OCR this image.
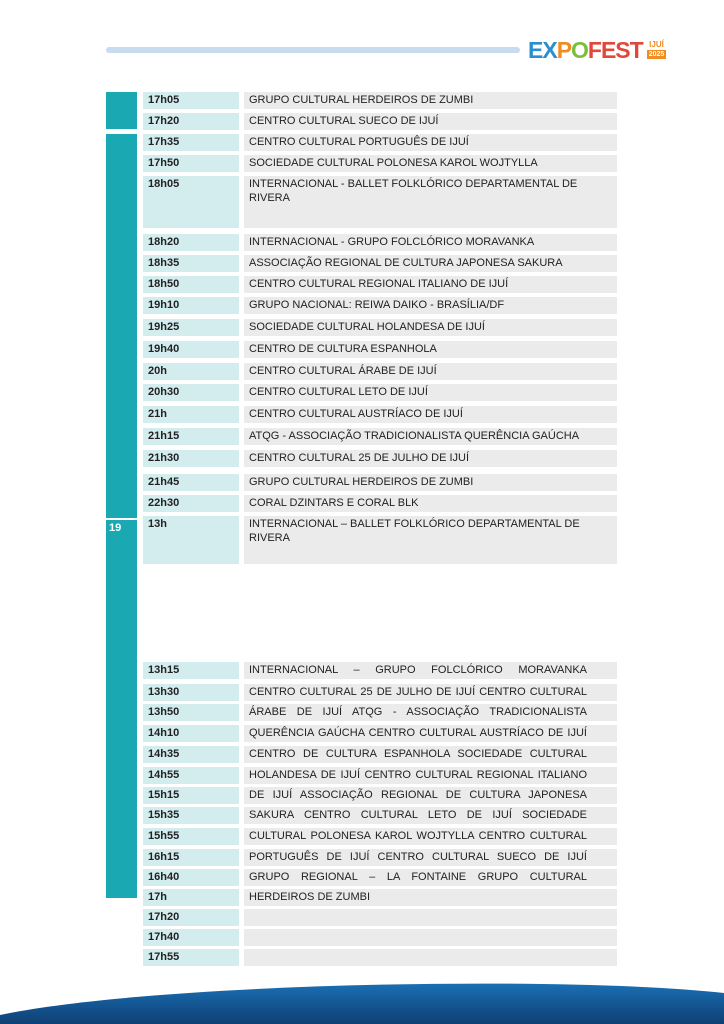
EXPOFEST IJUÍ
2025
19
17h05	GRUPO CULTURAL HERDEIROS DE ZUMBI
17h20	CENTRO CULTURAL SUECO DE IJUÍ
17h35	CENTRO CULTURAL PORTUGUÊS DE IJUÍ
17h50	SOCIEDADE CULTURAL POLONESA KAROL WOJTYLLA
18h05	INTERNACIONAL - BALLET FOLKLÓRICO DEPARTAMENTAL DE RIVERA
18h20	INTERNACIONAL - GRUPO FOLCLÓRICO MORAVANKA
18h35	ASSOCIAÇÃO REGIONAL DE CULTURA JAPONESA SAKURA
18h50	CENTRO CULTURAL REGIONAL ITALIANO DE IJUÍ
19h10	GRUPO NACIONAL: REIWA DAIKO - BRASÍLIA/DF
19h25	SOCIEDADE CULTURAL HOLANDESA DE IJUÍ
19h40	CENTRO DE CULTURA ESPANHOLA
20h	CENTRO CULTURAL ÁRABE DE IJUÍ
20h30	CENTRO CULTURAL LETO DE IJUÍ
21h	CENTRO CULTURAL AUSTRÍACO DE IJUÍ
21h15	ATQG - ASSOCIAÇÃO TRADICIONALISTA QUERÊNCIA GAÚCHA
21h30	CENTRO CULTURAL 25 DE JULHO DE IJUÍ
21h45	GRUPO CULTURAL HERDEIROS DE ZUMBI
22h30	CORAL DZINTARS E CORAL BLK
13h	INTERNACIONAL – BALLET FOLKLÓRICO DEPARTAMENTAL DE RIVERA
13h15	INTERNACIONAL – GRUPO FOLCLÓRICO MORAVANKA
13h30	CENTRO CULTURAL 25 DE JULHO DE IJUÍ CENTRO CULTURAL
13h50	ÁRABE DE IJUÍ ATQG - ASSOCIAÇÃO TRADICIONALISTA
14h10	QUERÊNCIA GAÚCHA CENTRO CULTURAL AUSTRÍACO DE IJUÍ
14h35	CENTRO DE CULTURA ESPANHOLA SOCIEDADE CULTURAL
14h55	HOLANDESA DE IJUÍ CENTRO CULTURAL REGIONAL ITALIANO
15h15	DE IJUÍ ASSOCIAÇÃO REGIONAL DE CULTURA JAPONESA
15h35	SAKURA CENTRO CULTURAL LETO DE IJUÍ SOCIEDADE
15h55	CULTURAL POLONESA KAROL WOJTYLLA CENTRO CULTURAL
16h15	PORTUGUÊS DE IJUÍ CENTRO CULTURAL SUECO DE IJUÍ
16h40	GRUPO REGIONAL – LA FONTAINE GRUPO CULTURAL
17h	HERDEIROS DE ZUMBI
17h20
17h40
17h55
